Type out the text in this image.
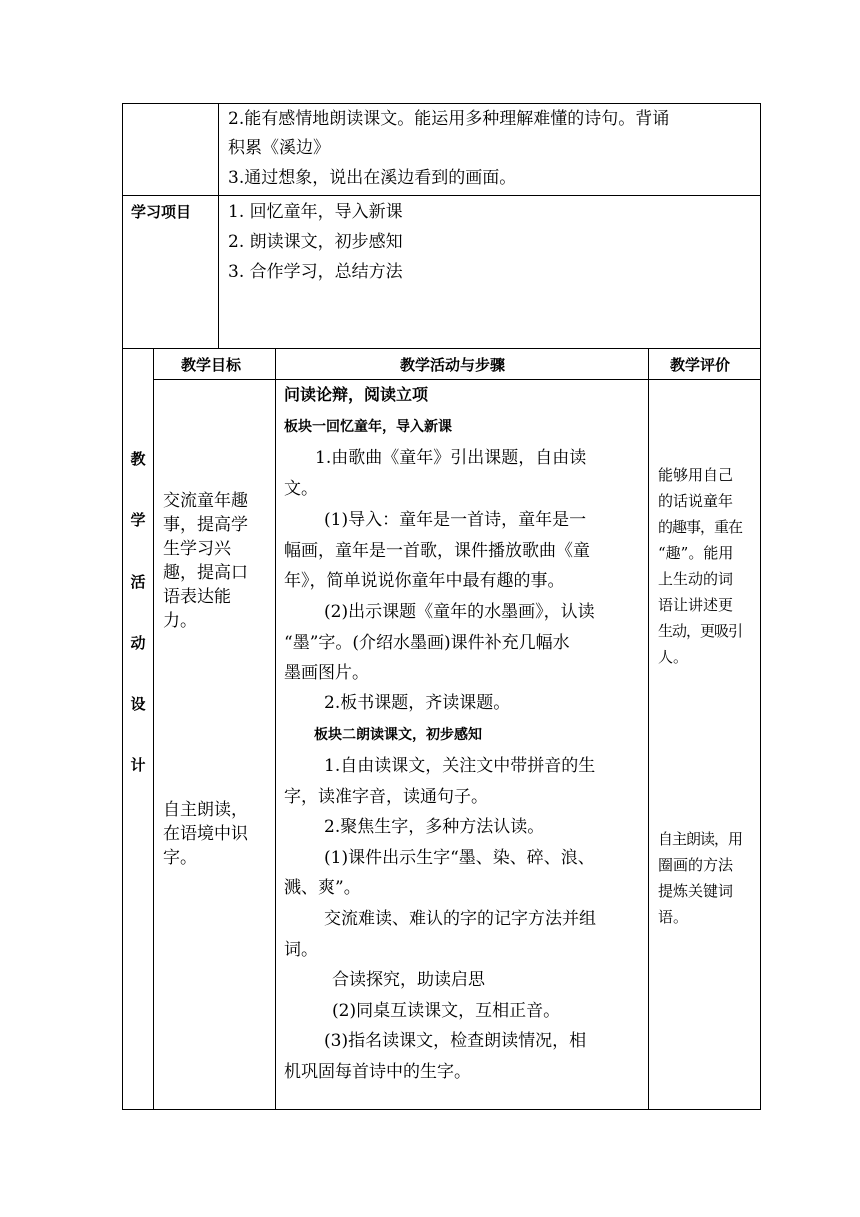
2.能有感情地朗读课文。能运用多种理解难懂的诗句。背诵
积累《溪边》
3.通过想象，说出在溪边看到的画面。
学习项目 1. 回忆童年，导入新课
2. 朗读课文，初步感知
3. 合作学习，总结方法
教
学
活
动
设
计
教学目标	教学活动与步骤	教学评价
交流童年趣
事，提高学
生学习兴
趣，提高口
语表达能
力。
自主朗读，
在语境中识
字。
问读论辩，阅读立项
板块一回忆童年，导入新课
1.由歌曲《童年》引出课题，自由读
文。
(1)导入：童年是一首诗，童年是一
幅画，童年是一首歌，课件播放歌曲《童
年》，简单说说你童年中最有趣的事。
(2)出示课题《童年的水墨画》，认读
“墨”字。(介绍水墨画)课件补充几幅水
墨画图片。
2.板书课题，齐读课题。
板块二朗读课文，初步感知
1.自由读课文，关注文中带拼音的生
字，读准字音，读通句子。
2.聚焦生字，多种方法认读。
(1)课件出示生字“墨、染、碎、浪、
溅、爽”。
交流难读、难认的字的记字方法并组
词。
合读探究，助读启思
(2)同桌互读课文，互相正音。
(3)指名读课文，检查朗读情况，相
机巩固每首诗中的生字。
能够用自己
的话说童年
的趣事，重在
“趣”。能用
上生动的词
语让讲述更
生动，更吸引
人。
自主朗读，用
圈画的方法
提炼关键词
语。
